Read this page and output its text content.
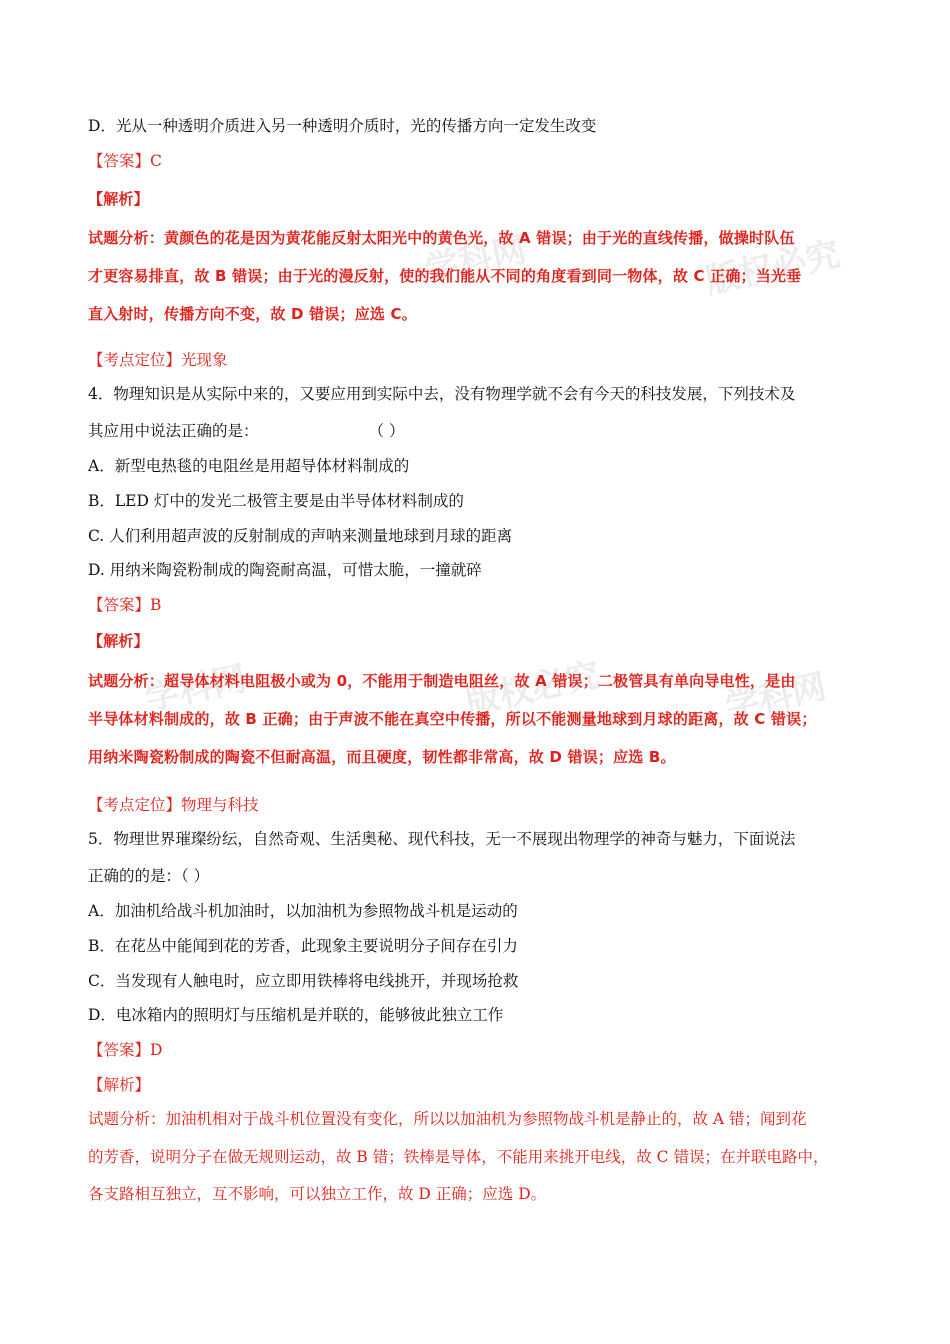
D．光从一种透明介质进入另一种透明介质时，光的传播方向一定发生改变
【答案】C
【解析】
学科网	版权必究
试题分析：黄颜色的花是因为黄花能反射太阳光中的黄色光，故 A 错误；由于光的直线传播，做操时队伍
才更容易排直，故 B 错误；由于光的漫反射，使的我们能从不同的角度看到同一物体，故 C 正确；当光垂
直入射时，传播方向不变，故 D 错误；应选 C。
【考点定位】光现象
4．物理知识是从实际中来的，又要应用到实际中去，没有物理学就不会有今天的科技发展，下列技术及
其应用中说法正确的是：	（ ）
A．新型电热毯的电阻丝是用超导体材料制成的
B．LED 灯中的发光二极管主要是由半导体材料制成的
C. 人们利用超声波的反射制成的声呐来测量地球到月球的距离
D. 用纳米陶瓷粉制成的陶瓷耐高温，可惜太脆，一撞就碎
【答案】B
【解析】
学科网	版权必究	学科网
试题分析：超导体材料电阻极小或为 0，不能用于制造电阻丝，故 A 错误；二极管具有单向导电性，是由
半导体材料制成的，故 B 正确；由于声波不能在真空中传播，所以不能测量地球到月球的距离，故 C 错误；
用纳米陶瓷粉制成的陶瓷不但耐高温，而且硬度，韧性都非常高，故 D 错误；应选 B。
【考点定位】物理与科技
5．物理世界璀璨纷纭，自然奇观、生活奥秘、现代科技，无一不展现出物理学的神奇与魅力，下面说法
正确的的是：（ ）
A．加油机给战斗机加油时，以加油机为参照物战斗机是运动的
B．在花丛中能闻到花的芳香，此现象主要说明分子间存在引力
C．当发现有人触电时，应立即用铁棒将电线挑开，并现场抢救
D．电冰箱内的照明灯与压缩机是并联的，能够彼此独立工作
【答案】D
【解析】
试题分析：加油机相对于战斗机位置没有变化，所以以加油机为参照物战斗机是静止的，故 A 错；闻到花
的芳香，说明分子在做无规则运动，故 B 错；铁棒是导体，不能用来挑开电线，故 C 错误；在并联电路中，
各支路相互独立，互不影响，可以独立工作，故 D 正确；应选 D。
